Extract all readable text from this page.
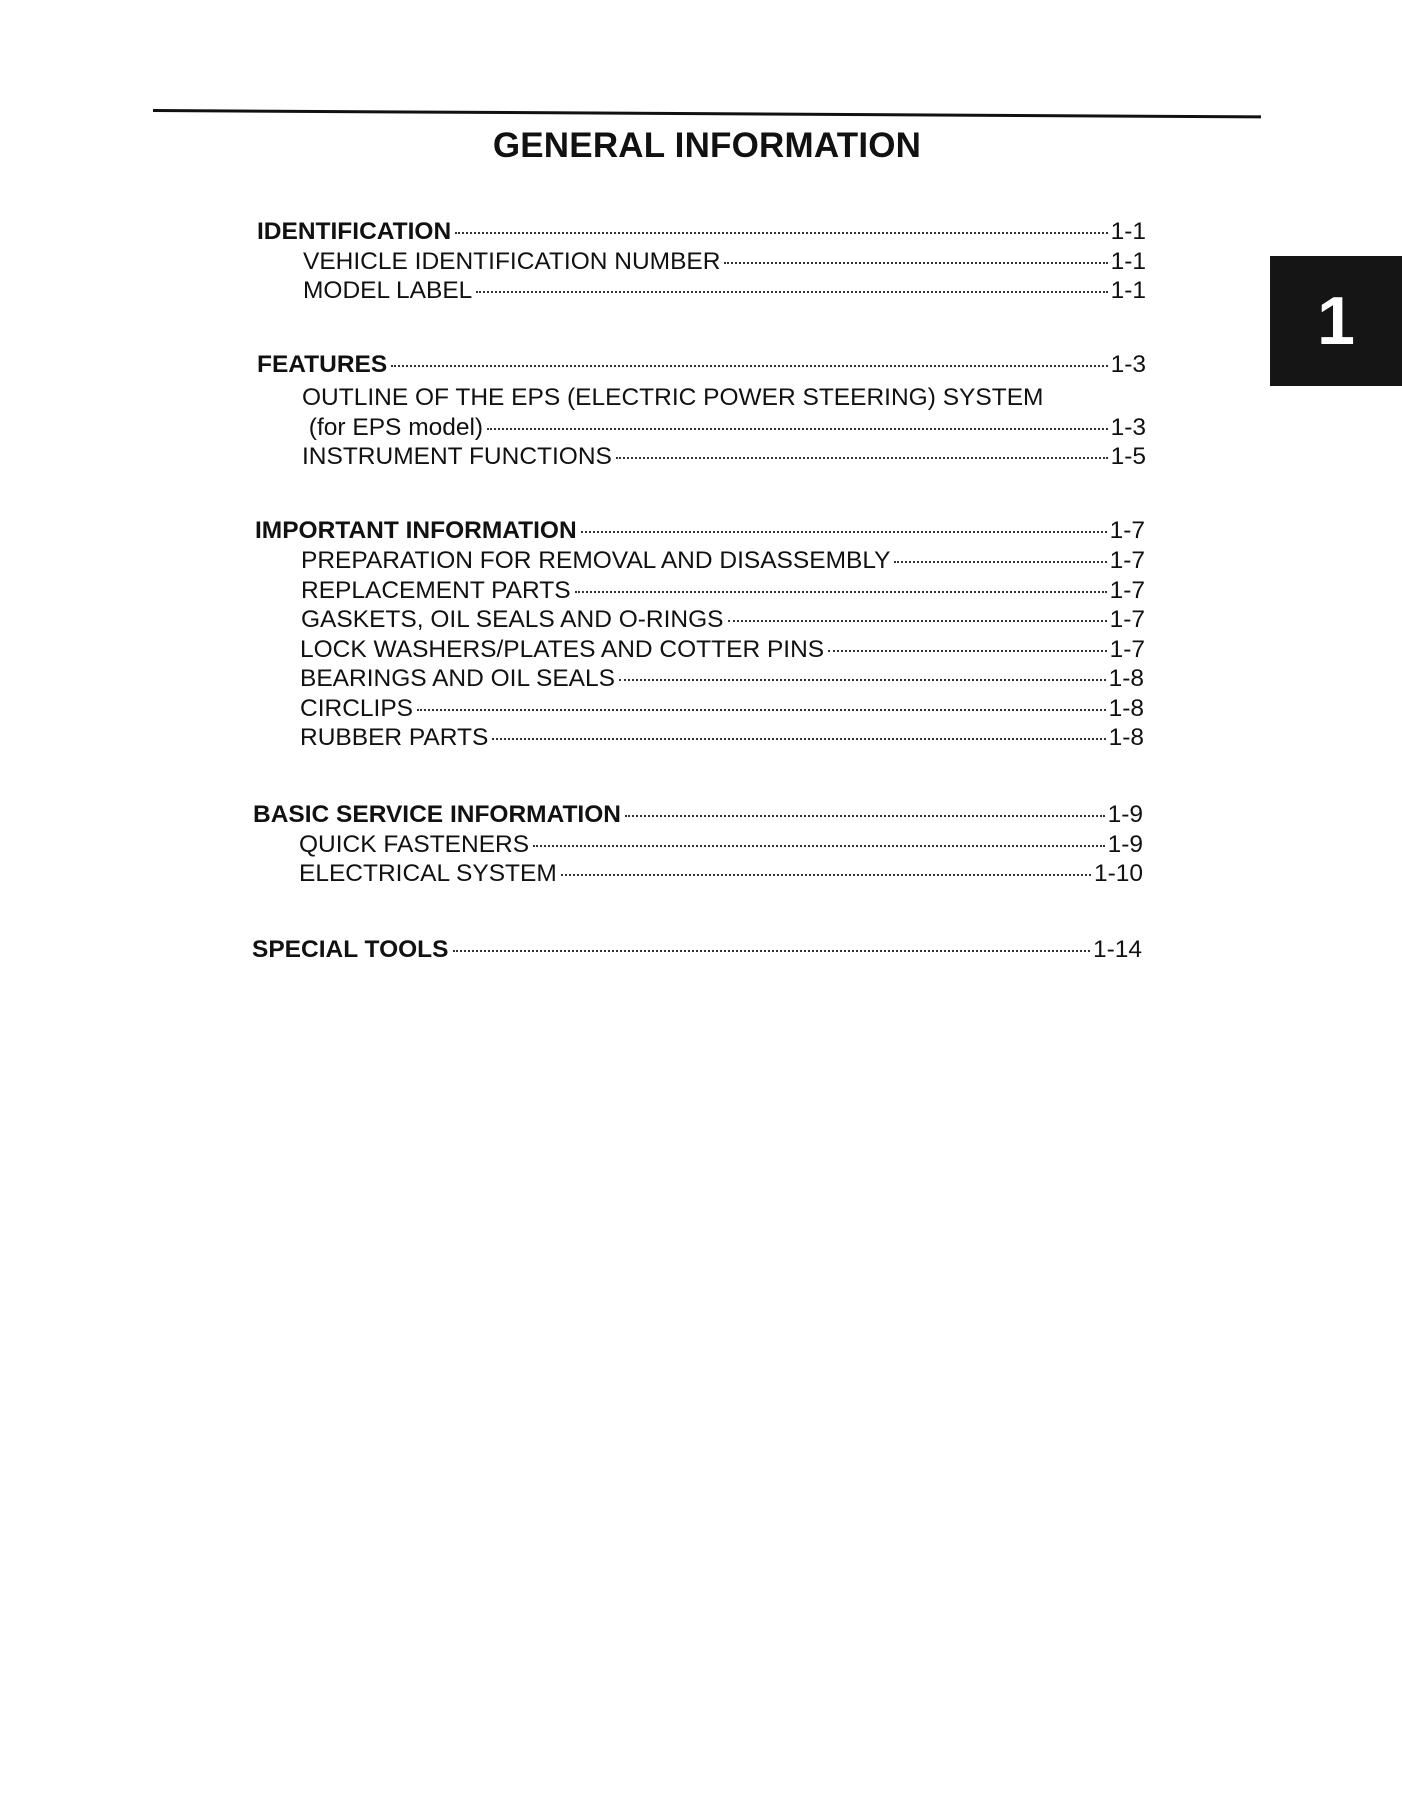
GENERAL INFORMATION
1
IDENTIFICATION	1-1
VEHICLE IDENTIFICATION NUMBER	1-1
MODEL LABEL	1-1
FEATURES	1-3
OUTLINE OF THE EPS (ELECTRIC POWER STEERING) SYSTEM
(for EPS model)	1-3
INSTRUMENT FUNCTIONS	1-5
IMPORTANT INFORMATION	1-7
PREPARATION FOR REMOVAL AND DISASSEMBLY	1-7
REPLACEMENT PARTS	1-7
GASKETS, OIL SEALS AND O-RINGS	1-7
LOCK WASHERS/PLATES AND COTTER PINS	1-7
BEARINGS AND OIL SEALS	1-8
CIRCLIPS	1-8
RUBBER PARTS	1-8
BASIC SERVICE INFORMATION	1-9
QUICK FASTENERS	1-9
ELECTRICAL SYSTEM	1-10
SPECIAL TOOLS	1-14
